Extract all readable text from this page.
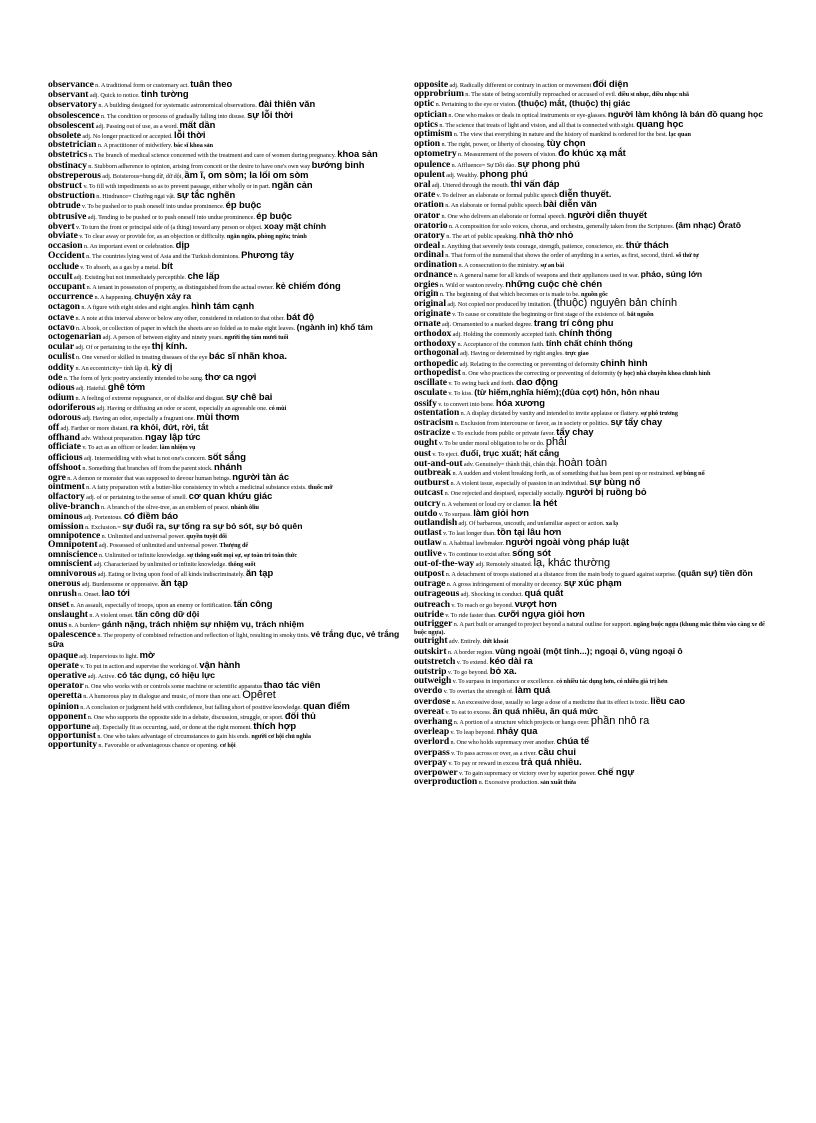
observance n. A traditional form or customary act. tuân theo

observant adj. Quick to notice. tinh tường

observatory n. A building designed for systematic astronomical observations. đài thiên văn

obsolescence n. The condition or process of gradually falling into disuse. sự lỗi thời

obsolescent adj. Passing out of use, as a word. mất dần

obsolete adj. No longer practiced or accepted. lỗi thời

obstetrician n. A practitioner of midwifery. bác sĩ khoa sản

obstetrics n. The branch of medical science concerned with the treatment and care of women during pregnancy. khoa sản

obstinacy n. Stubborn adherence to opinion, arising from conceit or the desire to have one's own way bướng bỉnh

obstreperous adj. Boisterous=hung dữ, dữ dội, ầm ĩ, om sòm; la lối om sòm

obstruct v. To fill with impediments so as to prevent passage, either wholly or in part. ngăn cản

obstruction n. Hindrance= Chướng ngại vật. sự tắc nghẽn

obtrude v. To be pushed or to push oneself into undue prominence. ép buộc

obtrusive adj. Tending to be pushed or to push oneself into undue prominence. ép buộc

obvert v. To turn the front or principal side of (a thing) toward any person or object. xoay mặt chính

obviate v. To clear away or provide for, as an objection or difficulty. ngăn ngừa, phòng ngừa; tránh

occasion n. An important event or celebration. dịp

Occident n. The countries lying west of Asia and the Turkish dominions. Phương tây

occlude v. To absorb, as a gas by a metal. bít

occult adj. Existing but not immediately perceptible. che lấp

occupant n. A tenant in possession of property, as distinguished from the actual owner. kẻ chiếm đóng

occurrence n. A happening. chuyện xảy ra

octagon n. A figure with eight sides and eight angles. hình tám cạnh

octave n. A note at this interval above or below any other, considered in relation to that other. bát độ

octavo n. A book, or collection of paper in which the sheets are so folded as to make eight leaves. (ngành in) khổ tám

octogenarian adj. A person of between eighty and ninety years. người thọ tám mươi tuổi

ocular adj. Of or pertaining to the eye thị kính.

oculist n. One versed or skilled in treating diseases of the eye bác sĩ nhãn khoa.

oddity n. An eccentricity= tính lập dị. kỳ dị

ode n. The form of lyric poetry anciently intended to be sung. thơ ca ngợi

odious adj. Hateful. ghê tởm

odium n. A feeling of extreme repugnance, or of dislike and disgust. sự chê bai

odoriferous adj. Having or diffusing an odor or scent, especially an agreeable one. có mùi

odorous adj. Having an odor, especially a fragrant one. mùi thơm

off adj. Farther or more distant. ra khỏi, đứt, rời, tắt

offhand adv. Without preparation. ngay lập tức

officiate v. To act as an officer or leader. làm nhiệm vụ

officious adj. Intermeddling with what is not one's concern. sốt sắng

offshoot n. Something that branches off from the parent stock. nhánh

ogre n. A demon or monster that was supposed to devour human beings. người tàn ác

ointment n. A fatty preparation with a butter-like consistency in which a medicinal substance exists. thuốc mỡ

olfactory adj. of or pertaining to the sense of smell. cơ quan khứu giác

olive-branch n. A branch of the olive-tree, as an emblem of peace. nhánh ôliu

ominous adj. Portentous. có điềm báo

omission n. Exclusion.= sự đuổi ra, sự tống ra sự bỏ sót, sự bỏ quên

omnipotence n. Unlimited and universal power. quyền tuyệt đối

Omnipotent adj. Possessed of unlimited and universal power. Thượng đế

omniscience n. Unlimited or infinite knowledge. sự thông suốt mọi sự, sự toàn tri toàn thức

omniscient adj. Characterized by unlimited or infinite knowledge. thông suốt

omnivorous adj. Eating or living upon food of all kinds indiscriminately. ăn tạp

onerous adj. Burdensome or oppressive. ăn tạp

onrush n. Onset. lao tới

onset n. An assault, especially of troops, upon an enemy or fortification. tấn công

onslaught n. A violent onset. tấn công dữ dội

onus n. A burden= gánh nặng, trách nhiệm sự nhiệm vụ, trách nhiệm

opalescence n. The property of combined refraction and reflection of light, resulting in smoky tints. vẻ trắng đục, vẻ trắng sữa

opaque adj. Impervious to light. mờ

operate v. To put in action and supervise the working of. vận hành

operative adj. Active. có tác dụng, có hiệu lực

operator n. One who works with or controls some machine or scientific apparatus thao tác viên

operetta n. A humorous play in dialogue and music, of more than one act. Opêret

opinion n. A conclusion or judgment held with confidence, but falling short of positive knowledge. quan điểm

opponent n. One who supports the opposite side in a debate, discussion, struggle, or sport. đối thủ

opportune adj. Especially fit as occurring, said, or done at the right moment. thích hợp

opportunist n. One who takes advantage of circumstances to gain his ends. người cơ hội chủ nghĩa

opportunity n. Favorable or advantageous chance or opening. cơ hội

opposite adj. Radically different or contrary in action or movement đối diện

opprobrium n. The state of being scornfully reproached or accused of evil. điều sỉ nhục, điều nhục nhã

optic n. Pertaining to the eye or vision. (thuộc) mắt, (thuộc) thị giác

optician n. One who makes or deals in optical instruments or eye-glasses. người làm không là bán đồ quang học

optics n. The science that treats of light and vision, and all that is connected with sight. quang học

optimism n. The view that everything in nature and the history of mankind is ordered for the best. lạc quan

option n. The right, power, or liberty of choosing. tùy chọn

optometry n. Measurement of the powers of vision. đo khúc xạ mắt

opulence n. Affluence= Sự Dồi dào. sự phong phú

opulent adj. Wealthy. phong phú

oral adj. Uttered through the mouth. thi vấn đáp

orate v. To deliver an elaborate or formal public speech diễn thuyết.

oration n. An elaborate or formal public speech bài diễn văn

orator n. One who delivers an elaborate or formal speech. người diễn thuyết

oratorio n. A composition for solo voices, chorus, and orchestra, generally taken from the Scriptures. (âm nhạc) Ôratô

oratory n. The art of public speaking. nhà thờ nhỏ

ordeal n. Anything that severely tests courage, strength, patience, conscience, etc. thử thách

ordinal n. That form of the numeral that shows the order of anything in a series, as first, second, third. số thứ tự

ordination n. A consecration to the ministry. sự an bài

ordnance n. A general name for all kinds of weapons and their appliances used in war. pháo, súng lớn

orgies n. Wild or wanton revelry. những cuộc chè chén

origin n. The beginning of that which becomes or is made to be. nguồn gốc

original adj. Not copied nor produced by imitation. (thuộc) nguyên bản chính

originate v. To cause or constitute the beginning or first stage of the existence of. bắt nguồn

ornate adj. Ornamented to a marked degree. trang trí công phu

orthodox adj. Holding the commonly accepted faith. chính thống

orthodoxy n. Acceptance of the common faith. tính chất chính thống

orthogonal adj. Having or determined by right angles. trực giao

orthopedic adj. Relating to the correcting or preventing of deformity chỉnh hình

orthopedist n. One who practices the correcting or preventing of deformity (y học) nhà chuyên khoa chỉnh hình

oscillate v. To swing back and forth. dao động

osculate v. To kiss. (từ hiếm,nghĩa hiếm);(đùa cợt) hôn, hôn nhau

ossify v. to convert into bone. hóa xương

ostentation n. A display dictated by vanity and intended to invite applause or flattery. sự phô trương

ostracism n. Exclusion from intercourse or favor, as in society or politics. sự tẩy chay

ostracize v. To exclude from public or private favor. tẩy chay

ought v. To be under moral obligation to be or do. phải

oust v. To eject. đuổi, trục xuất; hất cẳng

out-and-out adv. Genuinely= thành thật, chân thật. hoàn toàn

outbreak n. A sudden and violent breaking forth, as of something that has been pent up or restrained. sự bùng nổ

outburst n. A violent issue, especially of passion in an individual. sự bùng nổ

outcast n. One rejected and despised, especially socially. người bị ruồng bỏ

outcry n. A vehement or loud cry or clamor. la hét

outdo v. To surpass. làm giỏi hơn

outlandish adj. Of barbarous, uncouth, and unfamiliar aspect or action. xa lạ

outlast v. To last longer than. tồn tại lâu hơn

outlaw n. A habitual lawbreaker. người ngoài vòng pháp luật

outlive v. To continue to exist after. sống sót

out-of-the-way adj. Remotely situated. lạ, khác thường

outpost n. A detachment of troops stationed at a distance from the main body to guard against surprise. (quân sự) tiền đồn

outrage n. A gross infringement of morality or decency. sự xúc phạm

outrageous adj. Shocking in conduct. quá quắt

outreach v. To reach or go beyond. vượt hơn

outride v. To ride faster than. cưỡi ngựa giỏi hơn

outrigger n. A part built or arranged to project beyond a natural outline for support. ngăng buộc ngựa (khung mắc thêm vào càng xe để buộc ngựa).

outright adv. Entirely. dứt khoát

outskirt n. A border region. vùng ngoài (một tỉnh...); ngoại ô, vùng ngoại ô

outstretch v. To extend. kéo dài ra

outstrip v. To go beyond. bỏ xa.

outweigh v. To surpass in importance or excellence. có nhiều tác dụng hơn, có nhiều giá trị hơn

overdo v. To overtax the strength of. làm quá

overdose n. An excessive dose, usually so large a dose of a medicine that its effect is toxic. liều cao

overeat v. To eat to excess. ăn quá nhiều, ăn quá mức

overhang n. A portion of a structure which projects or hangs over. phần nhô ra

overleap v. To leap beyond. nhảy qua

overlord n. One who holds supremacy over another. chúa tể

overpass v. To pass across or over, as a river. cầu chui

overpay v. To pay or reward in excess trả quá nhiều.

overpower v. To gain supremacy or victory over by superior power. chế ngự

overproduction n. Excessive production. sản xuất thừa
